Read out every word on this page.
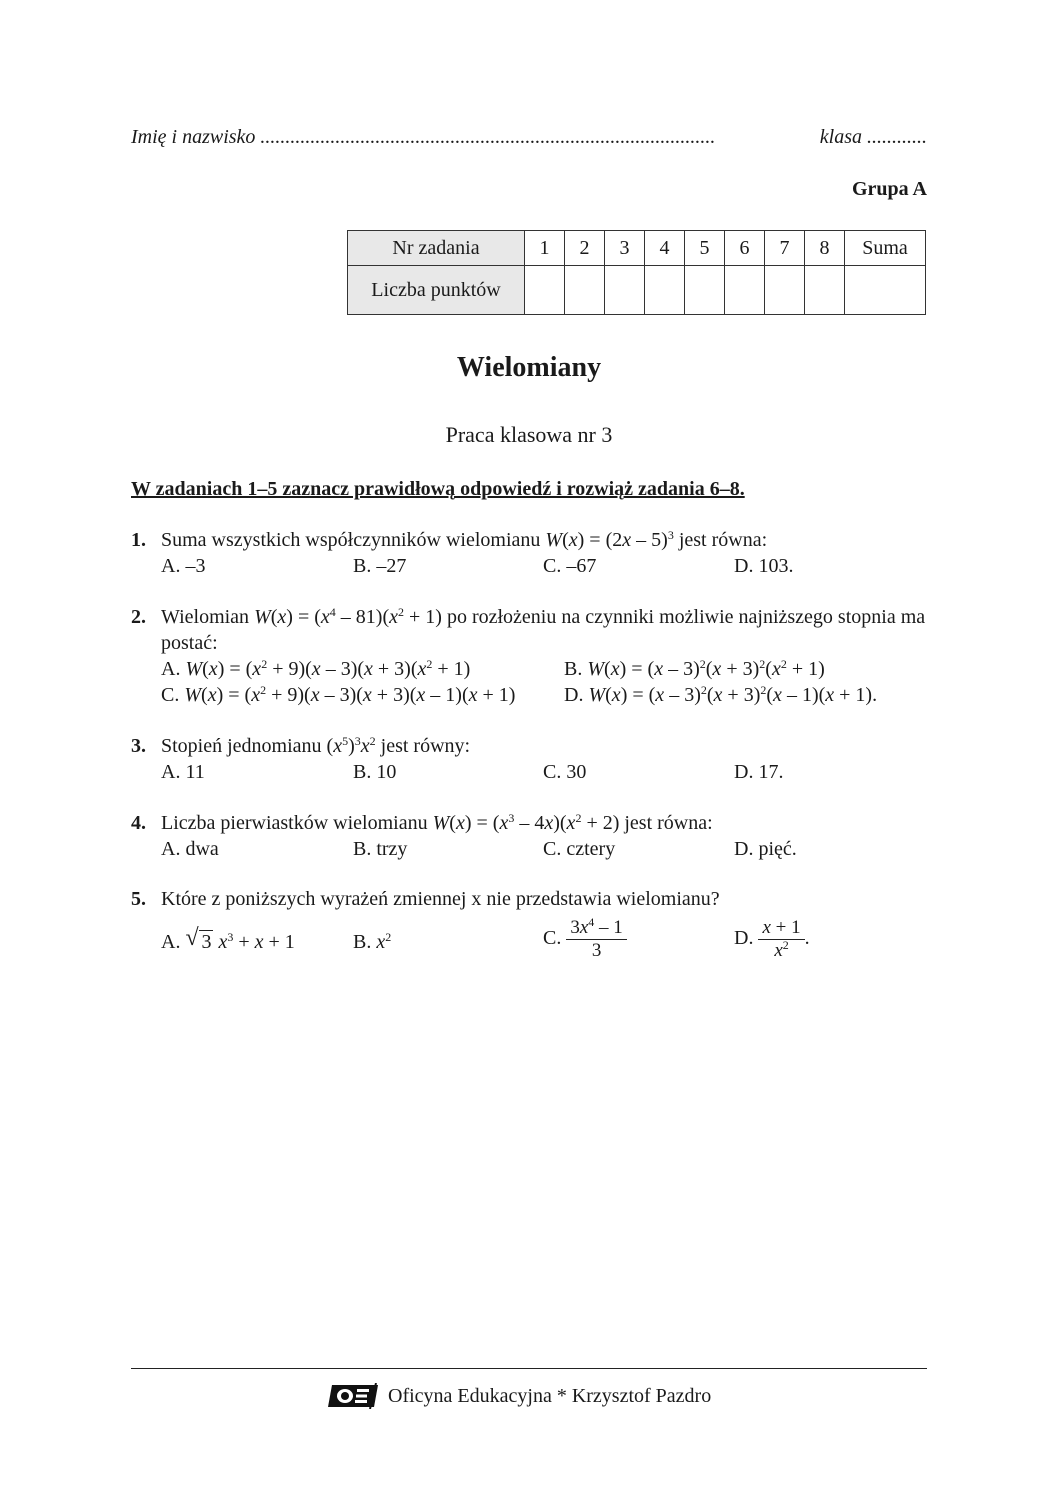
Imię i nazwisko ...........................................................................................	klasa ............
Grupa A
Nr zadania	1	2	3	4	5	6	7	8	Suma
Liczba punktów									
Wielomiany
Praca klasowa nr 3
W zadaniach 1–5 zaznacz prawidłową odpowiedź i rozwiąż zadania 6–8.
1. Suma wszystkich współczynników wielomianu W(x) = (2x – 5)$^3$ jest równa:
A. –3	B. –27	C. –67	D. 103.
2. Wielomian $W(x) = (x^4 - 81)(x^2 + 1)$ po rozłożeniu na czynniki możliwie najniższego stopnia ma postać:
A. $W(x) = (x^2 + 9)(x - 3)(x + 3)(x^2 + 1)$	B. $W(x) = (x - 3)^2(x + 3)^2(x^2 + 1)$
C. $W(x) = (x^2 + 9)(x - 3)(x + 3)(x - 1)(x + 1)$ D. $W(x) = (x - 3)^2(x + 3)^2(x - 1)(x + 1)$.
3. Stopień jednomianu $(x^5)^3x^2$ jest równy:
A. 11	B. 10	C. 30	D. 17.
4. Liczba pierwiastków wielomianu $W(x) = (x^3 - 4x)(x^2 + 2)$ jest równa:
A. dwa	B. trzy	C. cztery	D. pięć.
5. Które z poniższych wyrażeń zmiennej x nie przedstawia wielomianu?
A. √ 3 $x^3 + x + 1$	B. $x^2$	C. $\frac{3x^4 - 1}{3}$	D. $\frac{x + 1}{x^2}$ .
Oficyna Edukacyjna * Krzysztof Pazdro
